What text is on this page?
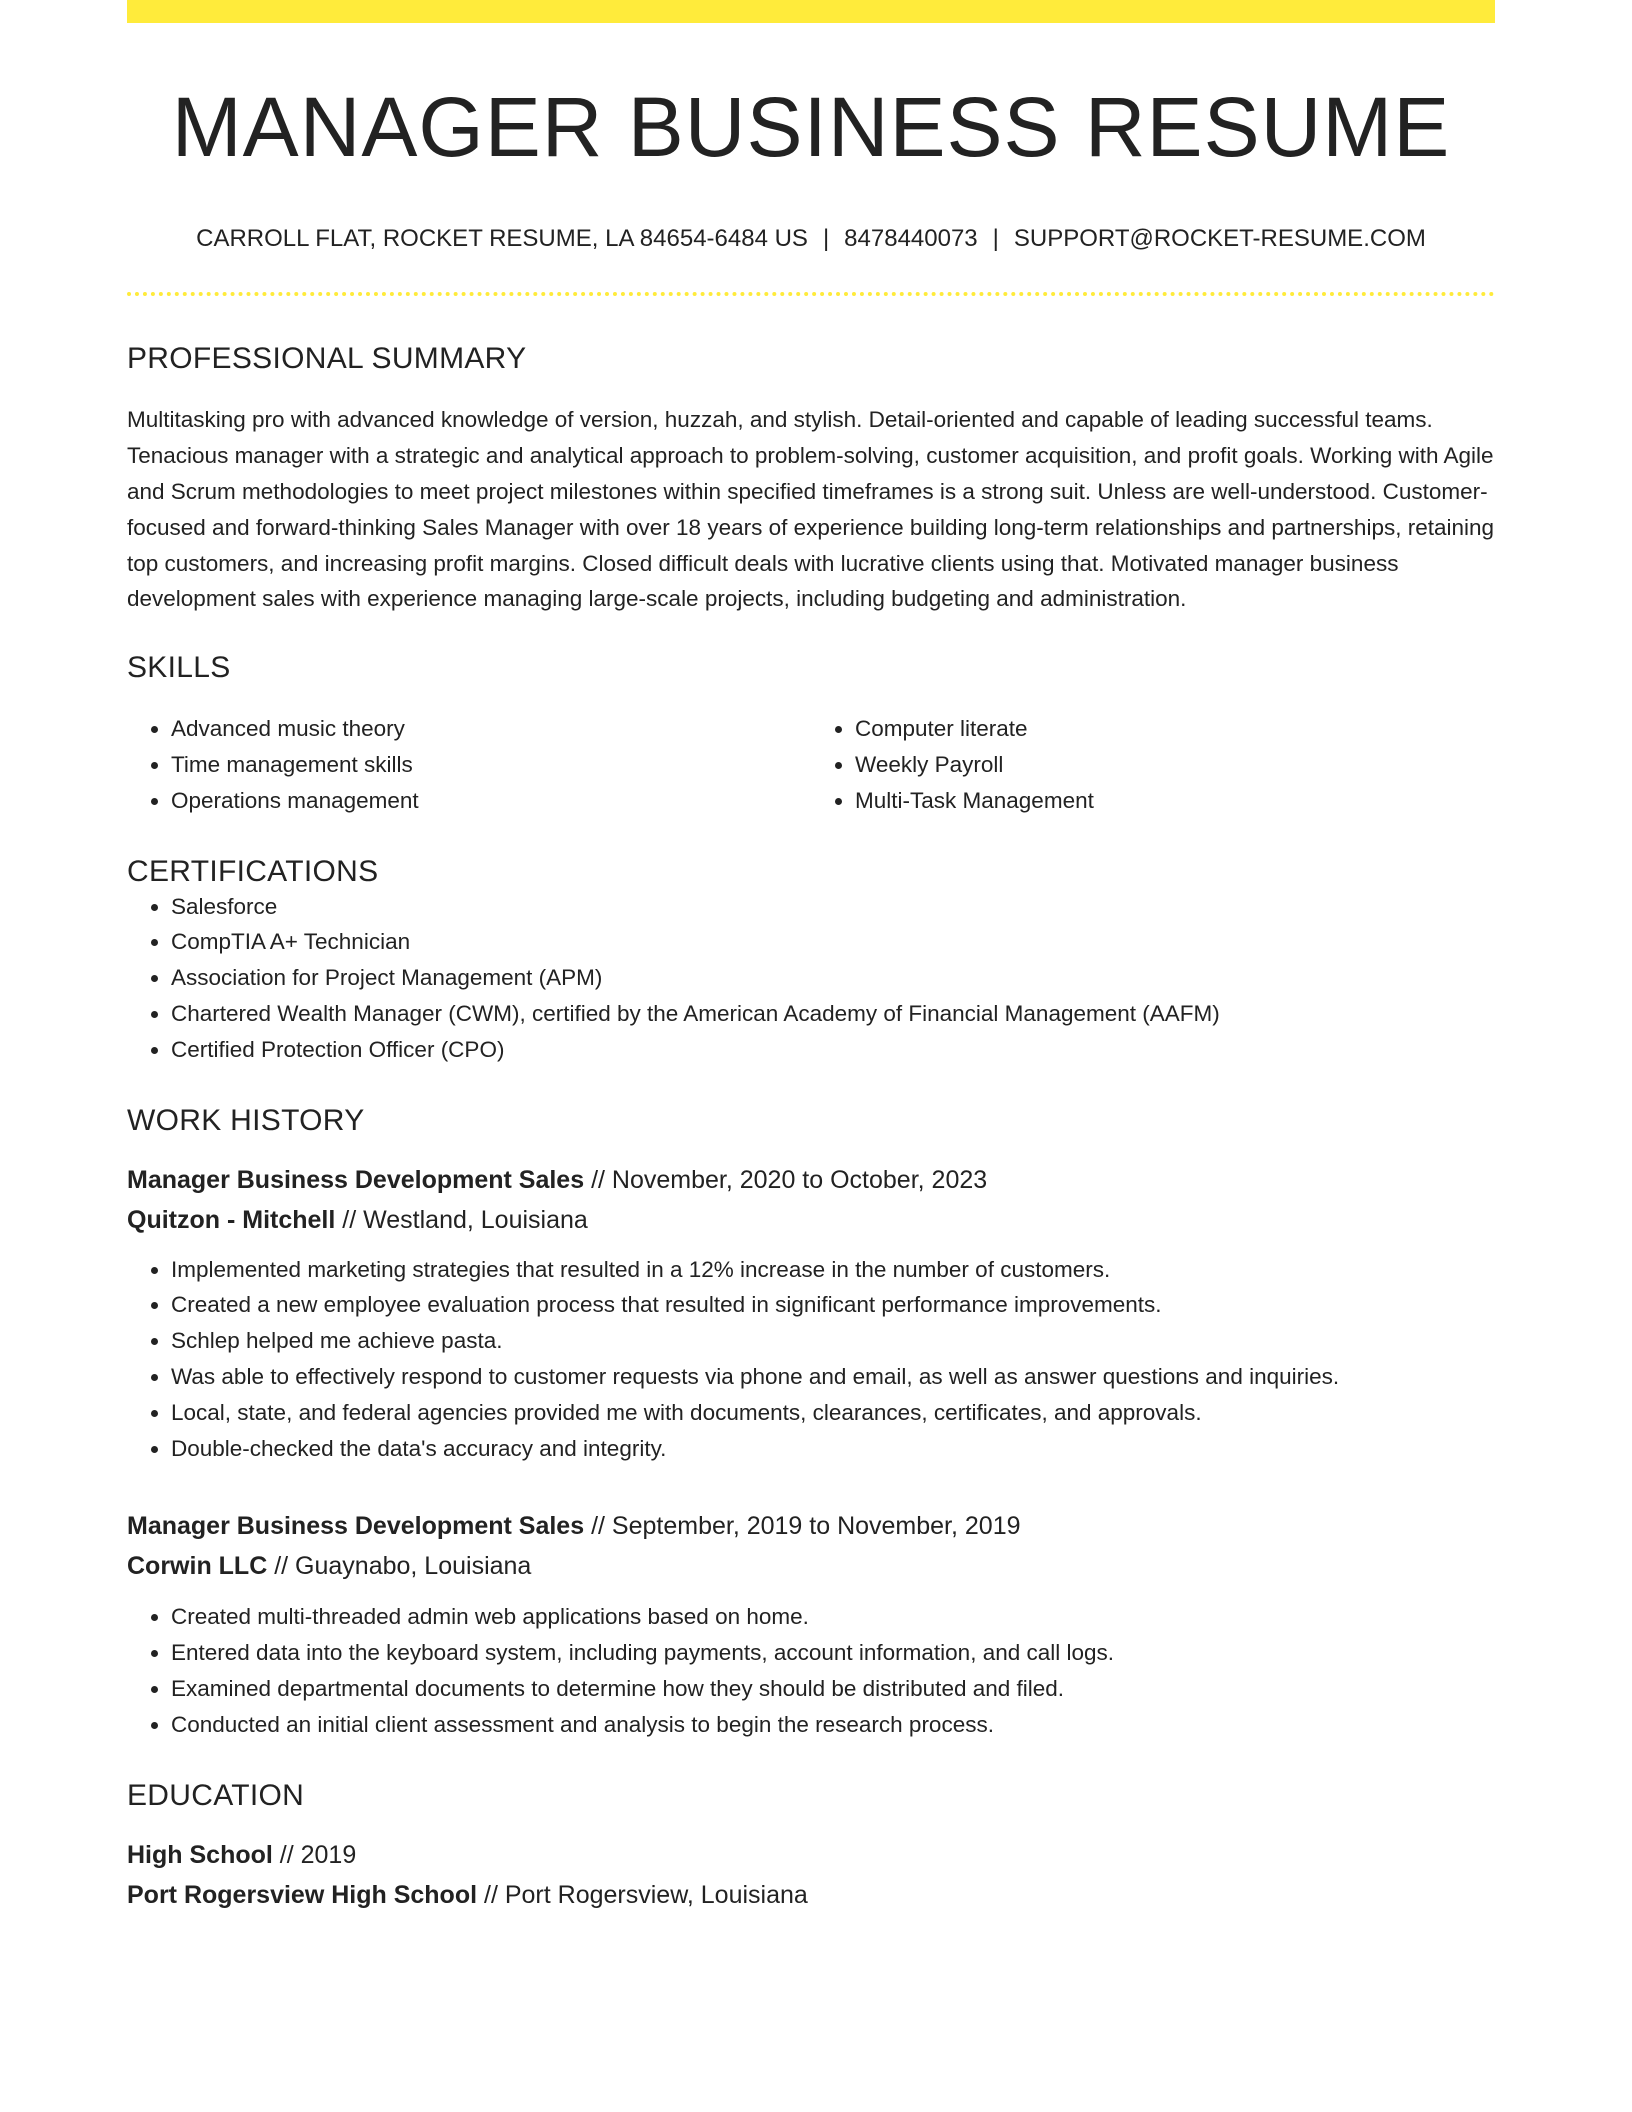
MANAGER BUSINESS RESUME
CARROLL FLAT, ROCKET RESUME, LA 84654-6484 US | 8478440073 | SUPPORT@ROCKET-RESUME.COM
PROFESSIONAL SUMMARY

Multitasking pro with advanced knowledge of version, huzzah, and stylish. Detail-oriented and capable of leading successful teams. Tenacious manager with a strategic and analytical approach to problem-solving, customer acquisition, and profit goals. Working with Agile and Scrum methodologies to meet project milestones within specified timeframes is a strong suit. Unless are well-understood. Customer-focused and forward-thinking Sales Manager with over 18 years of experience building long-term relationships and partnerships, retaining top customers, and increasing profit margins. Closed difficult deals with lucrative clients using that. Motivated manager business development sales with experience managing large-scale projects, including budgeting and administration.

SKILLS
• Advanced music theory
• Time management skills
• Operations management
• Computer literate
• Weekly Payroll
• Multi-Task Management
CERTIFICATIONS
• Salesforce
• CompTIA A+ Technician
• Association for Project Management (APM)
• Chartered Wealth Manager (CWM), certified by the American Academy of Financial Management (AAFM)
• Certified Protection Officer (CPO)
WORK HISTORY
Manager Business Development Sales // November, 2020 to October, 2023
Quitzon - Mitchell // Westland, Louisiana
• Implemented marketing strategies that resulted in a 12% increase in the number of customers.
• Created a new employee evaluation process that resulted in significant performance improvements.
• Schlep helped me achieve pasta.
• Was able to effectively respond to customer requests via phone and email, as well as answer questions and inquiries.
• Local, state, and federal agencies provided me with documents, clearances, certificates, and approvals.
• Double-checked the data's accuracy and integrity.
Manager Business Development Sales // September, 2019 to November, 2019
Corwin LLC // Guaynabo, Louisiana
• Created multi-threaded admin web applications based on home.
• Entered data into the keyboard system, including payments, account information, and call logs.
• Examined departmental documents to determine how they should be distributed and filed.
• Conducted an initial client assessment and analysis to begin the research process.
EDUCATION
High School // 2019
Port Rogersview High School // Port Rogersview, Louisiana
